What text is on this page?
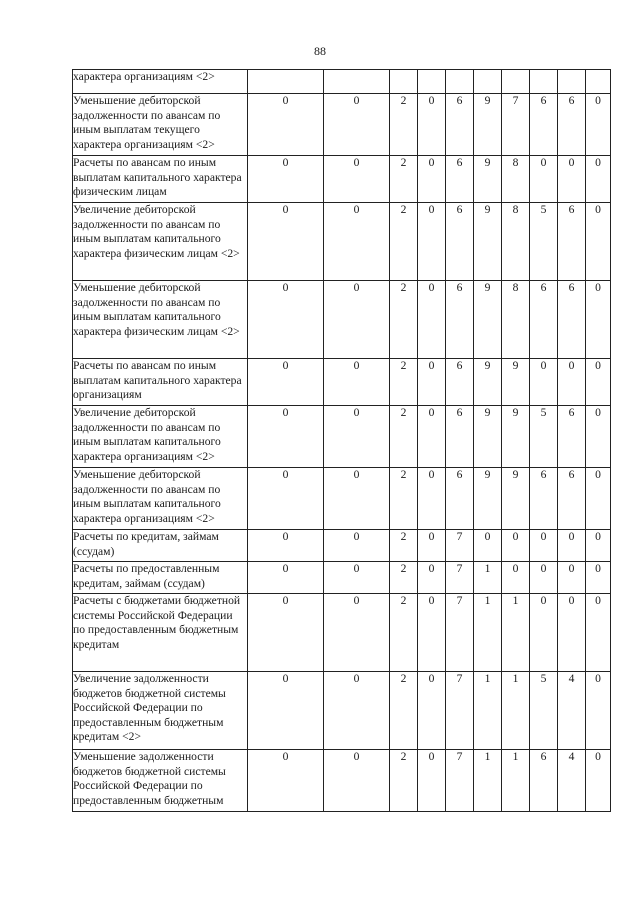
88
характера организациям <2>										
Уменьшение дебиторской задолженности по авансам по иным выплатам текущего характера организациям <2>	0	0	2	0	6	9	7	6	6	0
Расчеты по авансам по иным выплатам капитального характера физическим лицам	0	0	2	0	6	9	8	0	0	0
Увеличение дебиторской задолженности по авансам по иным выплатам капитального характера физическим лицам <2>	0	0	2	0	6	9	8	5	6	0
Уменьшение дебиторской задолженности по авансам по иным выплатам капитального характера физическим лицам <2>	0	0	2	0	6	9	8	6	6	0
Расчеты по авансам по иным выплатам капитального характера организациям	0	0	2	0	6	9	9	0	0	0
Увеличение дебиторской задолженности по авансам по иным выплатам капитального характера организациям <2>	0	0	2	0	6	9	9	5	6	0
Уменьшение дебиторской задолженности по авансам по иным выплатам капитального характера организациям <2>	0	0	2	0	6	9	9	6	6	0
Расчеты по кредитам, займам (ссудам)	0	0	2	0	7	0	0	0	0	0
Расчеты по предоставленным кредитам, займам (ссудам)	0	0	2	0	7	1	0	0	0	0
Расчеты с бюджетами бюджетной системы Российской Федерации по предоставленным бюджетным кредитам	0	0	2	0	7	1	1	0	0	0
Увеличение задолженности бюджетов бюджетной системы Российской Федерации по предоставленным бюджетным кредитам <2>	0	0	2	0	7	1	1	5	4	0
Уменьшение задолженности бюджетов бюджетной системы Российской Федерации по предоставленным бюджетным	0	0	2	0	7	1	1	6	4	0
